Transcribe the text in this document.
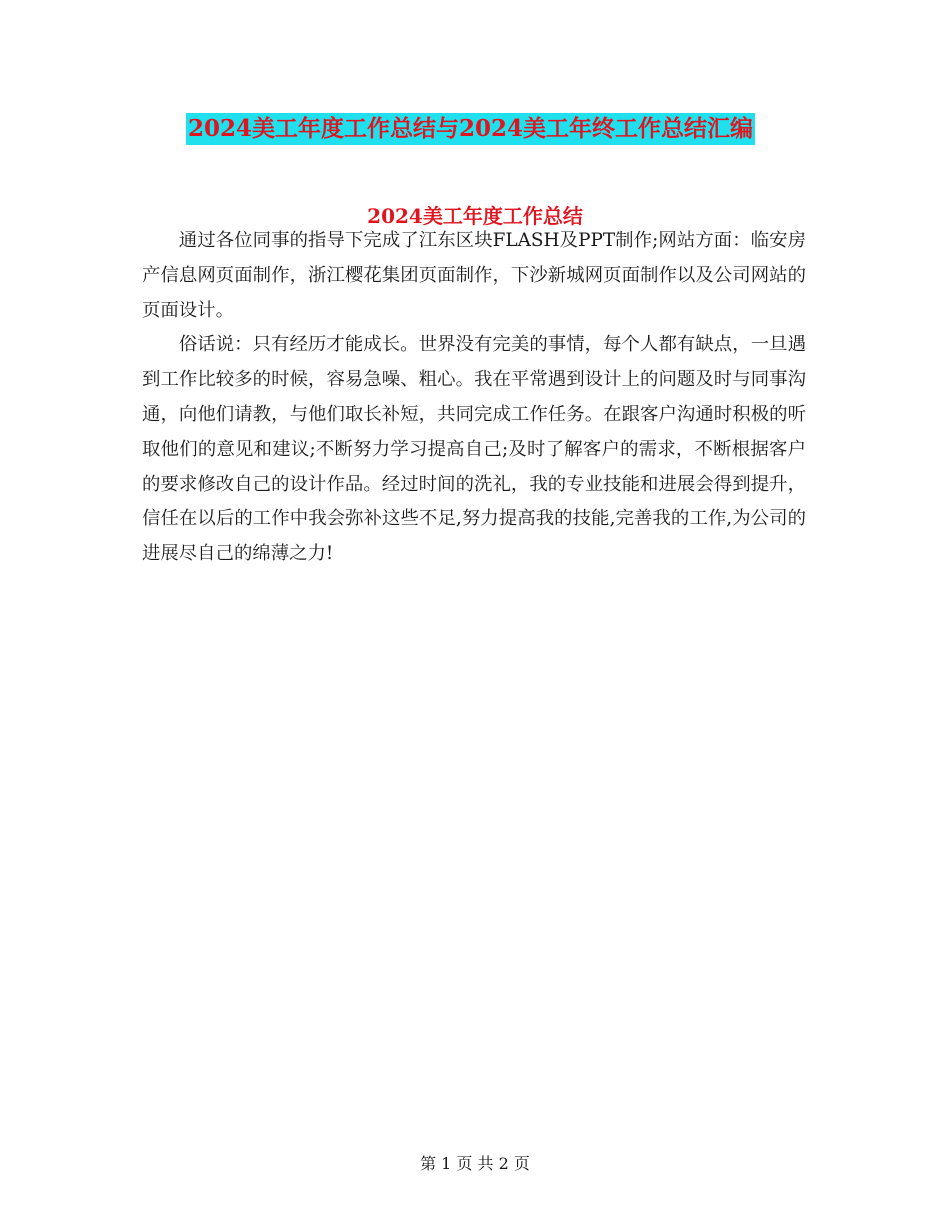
2024美工年度工作总结与2024美工年终工作总结汇编
2024美工年度工作总结

通过各位同事的指导下完成了江东区块FLASH及PPT制作;网站方面：临安房产信息网页面制作，浙江樱花集团页面制作，下沙新城网页面制作以及公司网站的页面设计。

俗话说：只有经历才能成长。世界没有完美的事情，每个人都有缺点，一旦遇到工作比较多的时候，容易急噪、粗心。我在平常遇到设计上的问题及时与同事沟通，向他们请教，与他们取长补短，共同完成工作任务。在跟客户沟通时积极的听取他们的意见和建议;不断努力学习提高自己;及时了解客户的需求，不断根据客户的要求修改自己的设计作品。经过时间的洗礼，我的专业技能和进展会得到提升，信任在以后的工作中我会弥补这些不足,努力提高我的技能,完善我的工作,为公司的进展尽自己的绵薄之力!

第 1 页 共 2 页
